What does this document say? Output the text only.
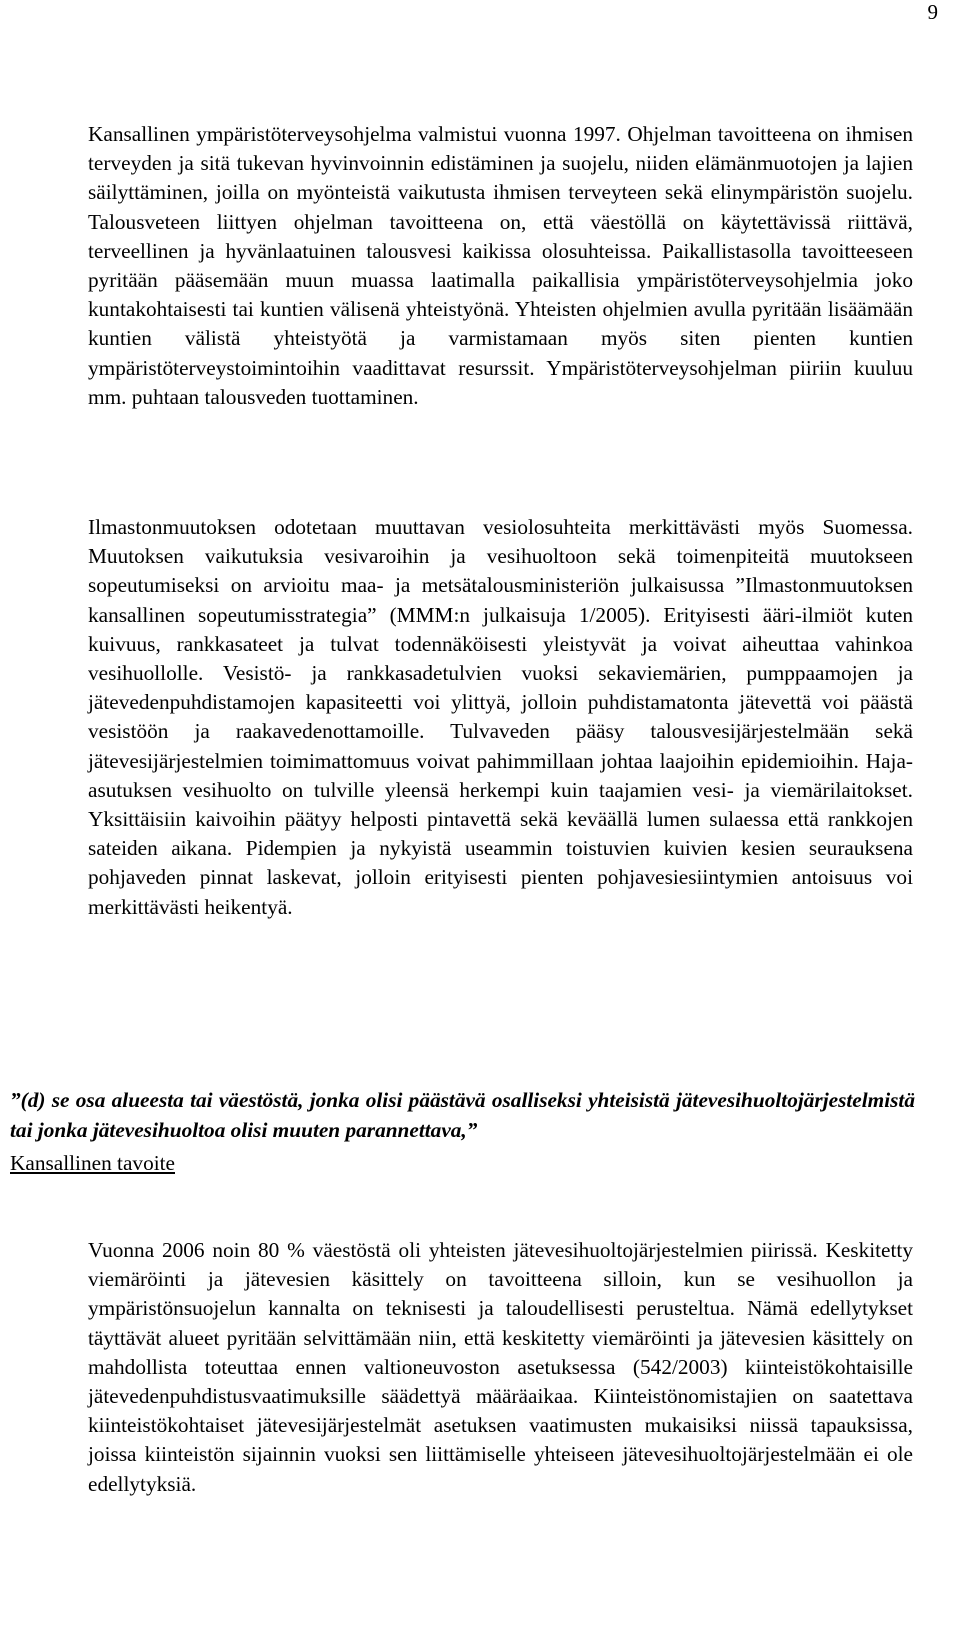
9

Kansallinen ympäristöterveysohjelma valmistui vuonna 1997. Ohjelman tavoitteena on ihmisen terveyden ja sitä tukevan hyvinvoinnin edistäminen ja suojelu, niiden elämänmuotojen ja lajien säilyttäminen, joilla on myönteistä vaikutusta ihmisen terveyteen sekä elinympäristön suojelu. Talousveteen liittyen ohjelman tavoitteena on, että väestöllä on käytettävissä riittävä, terveellinen ja hyvänlaatuinen talousvesi kaikissa olosuhteissa. Paikallistasolla tavoitteeseen pyritään pääsemään muun muassa laatimalla paikallisia ympäristöterveysohjelmia joko kuntakohtaisesti tai kuntien välisenä yhteistyönä. Yhteisten ohjelmien avulla pyritään lisäämään kuntien välistä yhteistyötä ja varmistamaan myös siten pienten kuntien ympäristöterveystoimintoihin vaadittavat resurssit. Ympäristöterveysohjelman piiriin kuuluu mm. puhtaan talousveden tuottaminen.

Ilmastonmuutoksen odotetaan muuttavan vesiolosuhteita merkittävästi myös Suomessa. Muutoksen vaikutuksia vesivaroihin ja vesihuoltoon sekä toimenpiteitä muutokseen sopeutumiseksi on arvioitu maa- ja metsätalousministeriön julkaisussa ”Ilmastonmuutoksen kansallinen sopeutumisstrategia” (MMM:n julkaisuja 1/2005). Erityisesti ääri-ilmiöt kuten kuivuus, rankkasateet ja tulvat todennäköisesti yleistyvät ja voivat aiheuttaa vahinkoa vesihuollolle. Vesistö- ja rankkasadetulvien vuoksi sekaviemärien, pumppaamojen ja jätevedenpuhdistamojen kapasiteetti voi ylittyä, jolloin puhdistamatonta jätevettä voi päästä vesistöön ja raakavedenottamoille. Tulvaveden pääsy talousvesijärjestelmään sekä jätevesijärjestelmien toimimattomuus voivat pahimmillaan johtaa laajoihin epidemioihin. Haja-asutuksen vesihuolto on tulville yleensä herkempi kuin taajamien vesi- ja viemärilaitokset. Yksittäisiin kaivoihin päätyy helposti pintavettä sekä keväällä lumen sulaessa että rankkojen sateiden aikana. Pidempien ja nykyistä useammin toistuvien kuivien kesien seurauksena pohjaveden pinnat laskevat, jolloin erityisesti pienten pohjavesiesiintymien antoisuus voi merkittävästi heikentyä.

”(d) se osa alueesta tai väestöstä, jonka olisi päästävä osalliseksi yhteisistä jätevesihuoltojärjestelmistä tai jonka jätevesihuoltoa olisi muuten parannettava,”

Kansallinen tavoite

Vuonna 2006 noin 80 % väestöstä oli yhteisten jätevesihuoltojärjestelmien piirissä. Keskitetty viemäröinti ja jätevesien käsittely on tavoitteena silloin, kun se vesihuollon ja ympäristönsuojelun kannalta on teknisesti ja taloudellisesti perusteltua. Nämä edellytykset täyttävät alueet pyritään selvittämään niin, että keskitetty viemäröinti ja jätevesien käsittely on mahdollista toteuttaa ennen valtioneuvoston asetuksessa (542/2003) kiinteistökohtaisille jätevedenpuhdistusvaatimuksille säädettyä määräaikaa. Kiinteistönomistajien on saatettava kiinteistökohtaiset jätevesijärjestelmät asetuksen vaatimusten mukaisiksi niissä tapauksissa, joissa kiinteistön sijainnin vuoksi sen liittämiselle yhteiseen jätevesihuoltojärjestelmään ei ole edellytyksiä.
